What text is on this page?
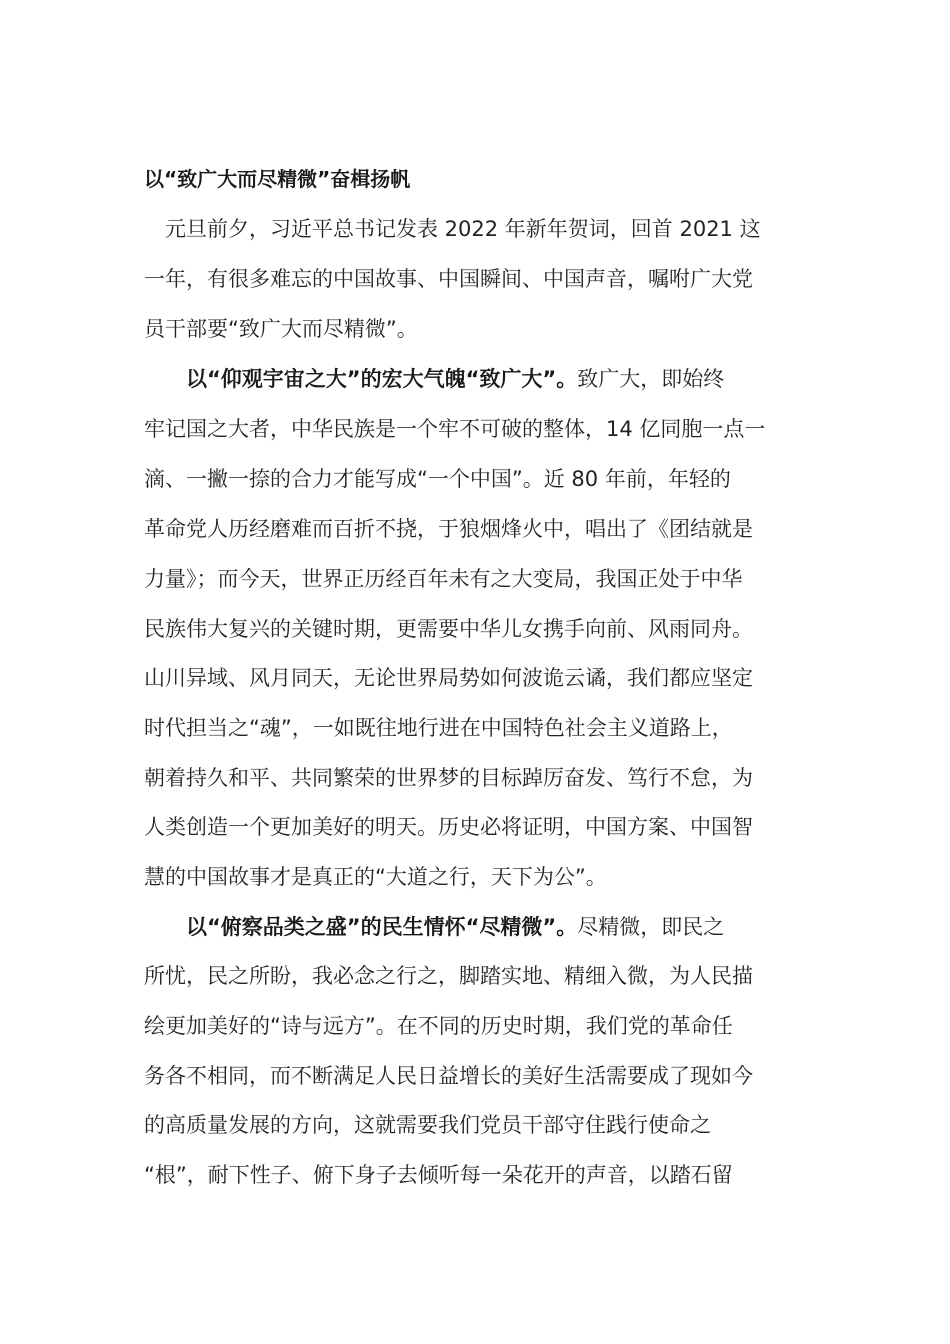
以“致广大而尽精微”奋楫扬帆
元旦前夕，习近平总书记发表 2022 年新年贺词，回首 2021 这
一年，有很多难忘的中国故事、中国瞬间、中国声音，嘱咐广大党
员干部要“致广大而尽精微”。
以“仰观宇宙之大”的宏大气魄“致广大”。致广大，即始终
牢记国之大者，中华民族是一个牢不可破的整体，14 亿同胞一点一
滴、一撇一捺的合力才能写成“一个中国”。近 80 年前，年轻的
革命党人历经磨难而百折不挠，于狼烟烽火中，唱出了《团结就是
力量》；而今天，世界正历经百年未有之大变局，我国正处于中华
民族伟大复兴的关键时期，更需要中华儿女携手向前、风雨同舟。
山川异域、风月同天，无论世界局势如何波诡云谲，我们都应坚定
时代担当之“魂”，一如既往地行进在中国特色社会主义道路上，
朝着持久和平、共同繁荣的世界梦的目标踔厉奋发、笃行不怠，为
人类创造一个更加美好的明天。历史必将证明，中国方案、中国智
慧的中国故事才是真正的“大道之行，天下为公”。
以“俯察品类之盛”的民生情怀“尽精微”。尽精微，即民之
所忧，民之所盼，我必念之行之，脚踏实地、精细入微，为人民描
绘更加美好的“诗与远方”。在不同的历史时期，我们党的革命任
务各不相同，而不断满足人民日益增长的美好生活需要成了现如今
的高质量发展的方向，这就需要我们党员干部守住践行使命之
“根”，耐下性子、俯下身子去倾听每一朵花开的声音，以踏石留
